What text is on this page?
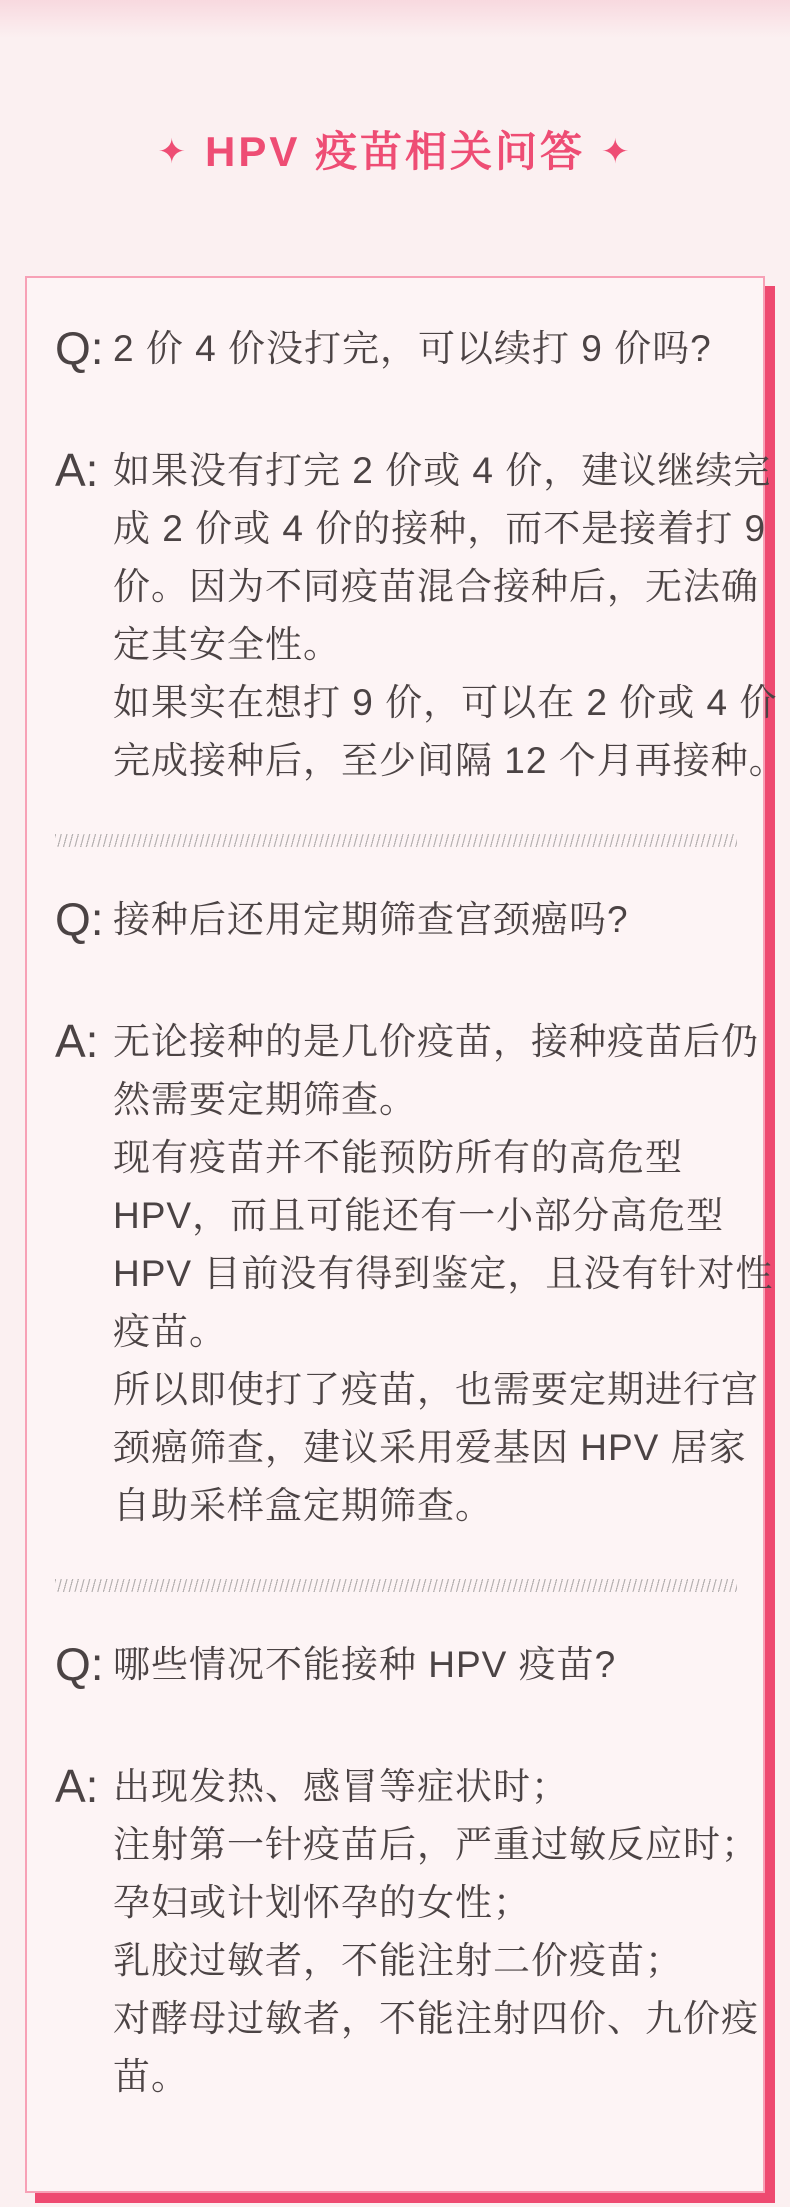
✦ HPV 疫苗相关问答 ✦
Q: 2 价 4 价没打完，可以续打 9 价吗?
A: 如果没有打完 2 价或 4 价，建议继续完
成 2 价或 4 价的接种，而不是接着打 9
价。因为不同疫苗混合接种后，无法确
定其安全性。
如果实在想打 9 价，可以在 2 价或 4 价
完成接种后，至少间隔 12 个月再接种。
Q: 接种后还用定期筛查宫颈癌吗?
A: 无论接种的是几价疫苗，接种疫苗后仍
然需要定期筛查。
现有疫苗并不能预防所有的高危型
HPV，而且可能还有一小部分高危型
HPV 目前没有得到鉴定，且没有针对性
疫苗。
所以即使打了疫苗，也需要定期进行宫
颈癌筛查，建议采用爱基因 HPV 居家
自助采样盒定期筛查。
Q: 哪些情况不能接种 HPV 疫苗?
A: 出现发热、感冒等症状时；
注射第一针疫苗后，严重过敏反应时；
孕妇或计划怀孕的女性；
乳胶过敏者，不能注射二价疫苗；
对酵母过敏者，不能注射四价、九价疫
苗。
